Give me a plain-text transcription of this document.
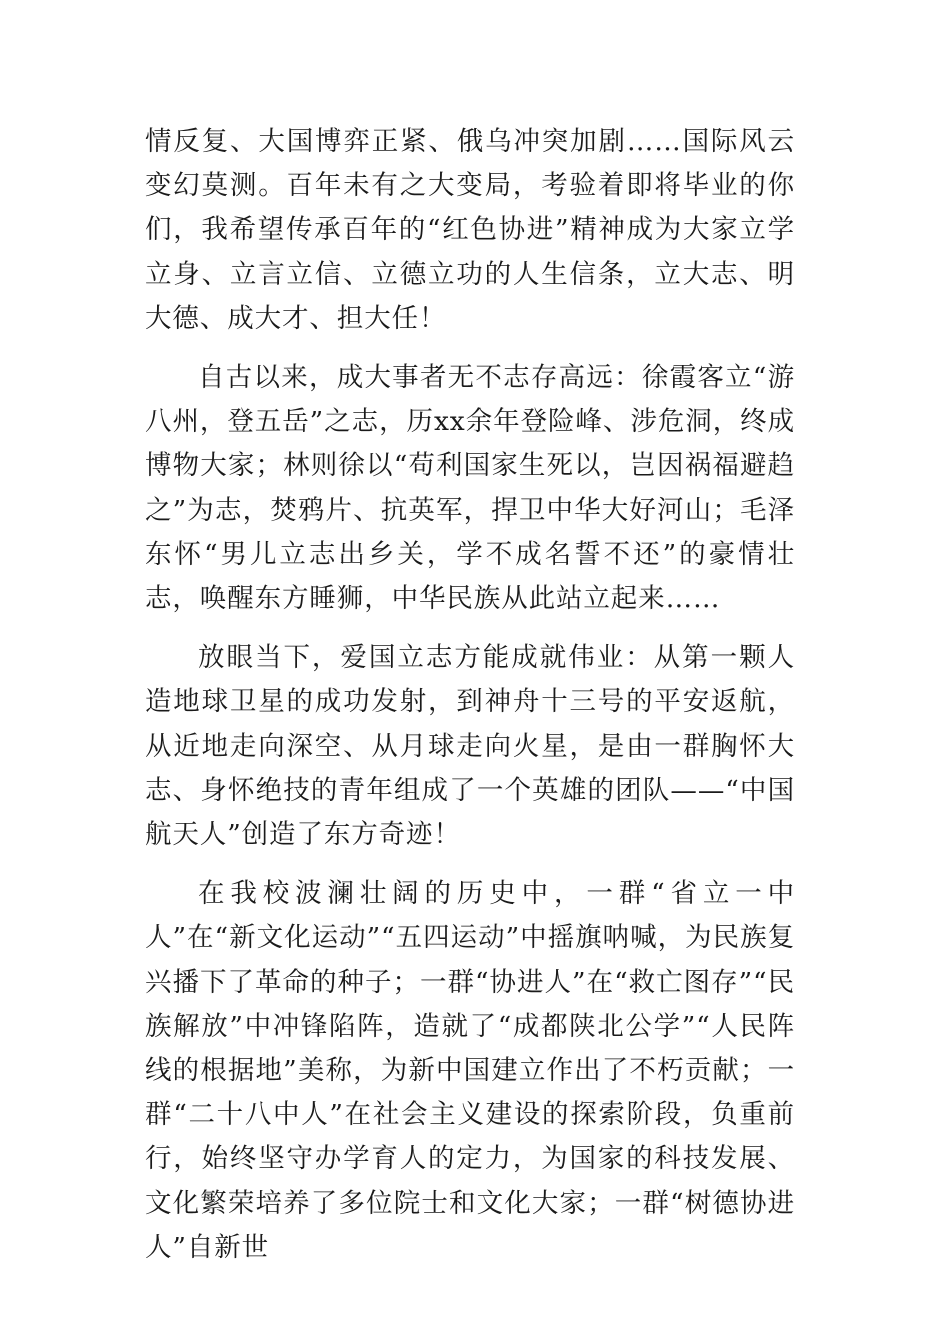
情反复、大国博弈正紧、俄乌冲突加剧……国际风云变幻莫测。百年未有之大变局，考验着即将毕业的你们，我希望传承百年的“红色协进”精神成为大家立学立身、立言立信、立德立功的人生信条，立大志、明大德、成大才、担大任！

自古以来，成大事者无不志存高远：徐霞客立“游八州，登五岳”之志，历xx余年登险峰、涉危洞，终成博物大家；林则徐以“苟利国家生死以，岂因祸福避趋之”为志，焚鸦片、抗英军，捍卫中华大好河山；毛泽东怀“男儿立志出乡关，学不成名誓不还”的豪情壮志，唤醒东方睡狮，中华民族从此站立起来……

放眼当下，爱国立志方能成就伟业：从第一颗人造地球卫星的成功发射，到神舟十三号的平安返航，从近地走向深空、从月球走向火星，是由一群胸怀大志、身怀绝技的青年组成了一个英雄的团队——“中国航天人”创造了东方奇迹！

在我校波澜壮阔的历史中，一群“省立一中人”在“新文化运动”“五四运动”中摇旗呐喊，为民族复兴播下了革命的种子；一群“协进人”在“救亡图存”“民族解放”中冲锋陷阵，造就了“成都陕北公学”“人民阵线的根据地”美称，为新中国建立作出了不朽贡献；一群“二十八中人”在社会主义建设的探索阶段，负重前行，始终坚守办学育人的定力，为国家的科技发展、文化繁荣培养了多位院士和文化大家；一群“树德协进人”自新世
